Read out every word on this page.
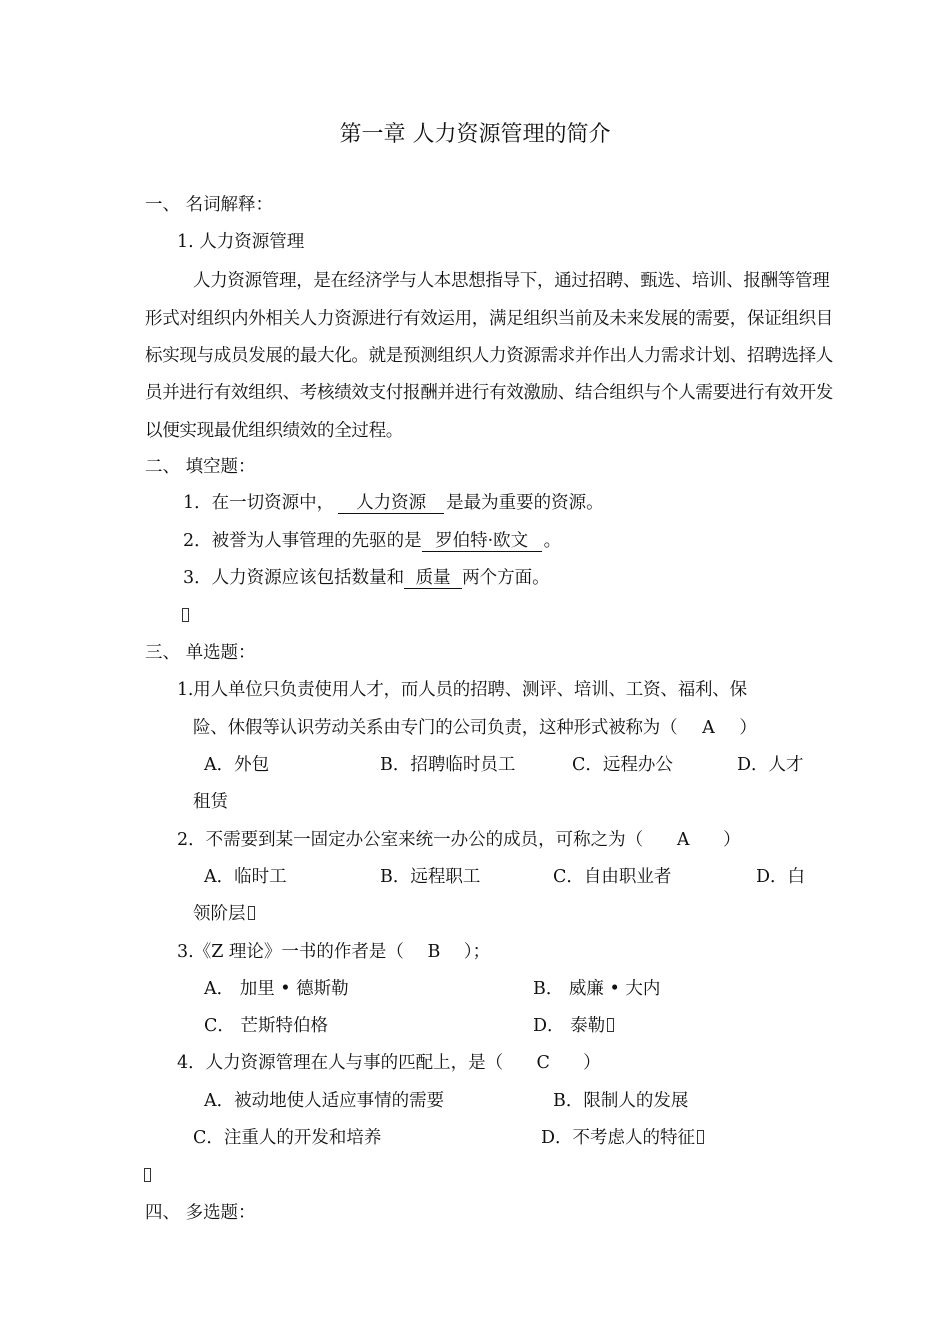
第一章 人力资源管理的简介
一、 名词解释：
1. 人力资源管理
人力资源管理，是在经济学与人本思想指导下，通过招聘、甄选、培训、报酬等管理
形式对组织内外相关人力资源进行有效运用，满足组织当前及未来发展的需要，保证组织目
标实现与成员发展的最大化。就是预测组织人力资源需求并作出人力需求计划、招聘选择人
员并进行有效组织、考核绩效支付报酬并进行有效激励、结合组织与个人需要进行有效开发
以便实现最优组织绩效的全过程。
二、 填空题：
1．在一切资源中， 人力资源 是最为重要的资源。
2．被誉为人事管理的先驱的是 罗伯特·欧文 。
3．人力资源应该包括数量和 质量 两个方面。
三、 单选题：
1.用人单位只负责使用人才，而人员的招聘、测评、培训、工资、福利、保
险、休假等认识劳动关系由专门的公司负责，这种形式被称为（ A ）
A．外包	B．招聘临时员工	C．远程办公	D．人才
租赁
2．不需要到某一固定办公室来统一办公的成员，可称之为（ A ）
A．临时工	B．远程职工	C．自由职业者	D．白
领阶层
3.《Z 理论》一书的作者是（ B ）；
A． 加里 • 德斯勒	B． 威廉 • 大内
C． 芒斯特伯格	D． 泰勒
4．人力资源管理在人与事的匹配上，是（ C ）
A．被动地使人适应事情的需要	B．限制人的发展
C．注重人的开发和培养	D．不考虑人的特征
四、 多选题：
